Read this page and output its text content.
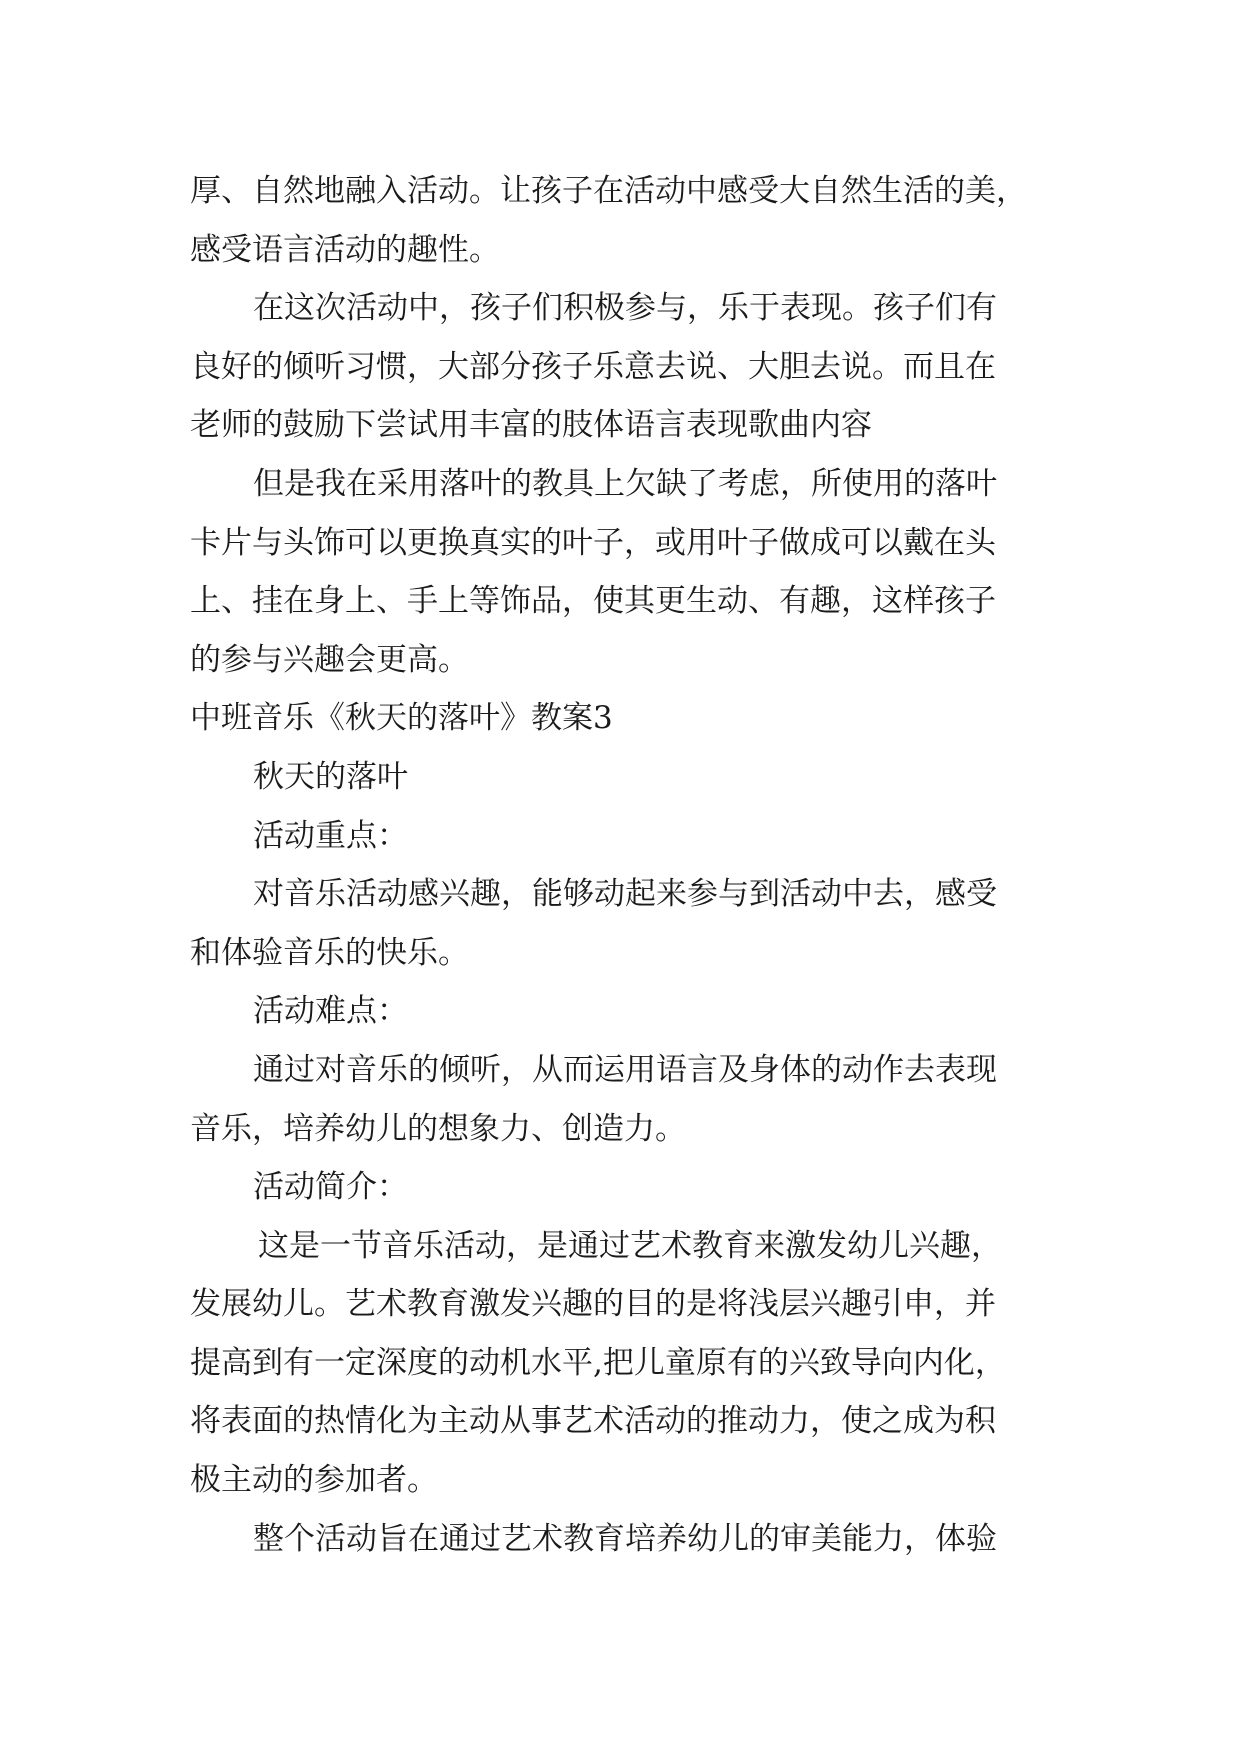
厚、自然地融入活动。让孩子在活动中感受大自然生活的美，
感受语言活动的趣性。
在这次活动中，孩子们积极参与，乐于表现。孩子们有
良好的倾听习惯，大部分孩子乐意去说、大胆去说。而且在
老师的鼓励下尝试用丰富的肢体语言表现歌曲内容
但是我在采用落叶的教具上欠缺了考虑，所使用的落叶
卡片与头饰可以更换真实的叶子，或用叶子做成可以戴在头
上、挂在身上、手上等饰品，使其更生动、有趣，这样孩子
的参与兴趣会更高。
中班音乐《秋天的落叶》教案3
秋天的落叶
活动重点：
对音乐活动感兴趣，能够动起来参与到活动中去，感受
和体验音乐的快乐。
活动难点：
通过对音乐的倾听，从而运用语言及身体的动作去表现
音乐，培养幼儿的想象力、创造力。
活动简介：
这是一节音乐活动，是通过艺术教育来激发幼儿兴趣，
发展幼儿。艺术教育激发兴趣的目的是将浅层兴趣引申，并
提高到有一定深度的动机水平,把儿童原有的兴致导向内化，
将表面的热情化为主动从事艺术活动的推动力，使之成为积
极主动的参加者。
整个活动旨在通过艺术教育培养幼儿的审美能力，体验
